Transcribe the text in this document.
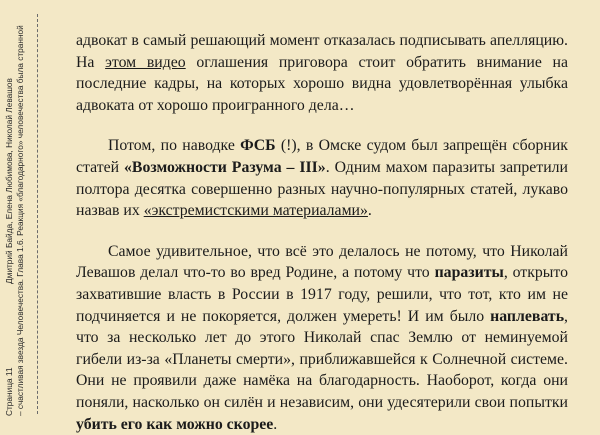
Страница 11
Дмитрий Байда, Елена Любимова, Николай Левашов – счастливая звезда Человечества. Глава 1.6. Реакция «благодарного» человечества была странной	адвокат в самый решающий момент отказалась подписывать апелляцию. На этом видео оглашения приговора стоит обратить внимание на последние кадры, на которых хорошо видна удовлетворённая улыбка адвоката от хорошо проигранного дела…

Потом, по наводке ФСБ (!), в Омске судом был запрещён сборник статей «Возможности Разума – III». Одним махом паразиты запретили полтора десятка совершенно разных научно-популярных статей, лукаво назвав их «экстремистскими материалами».

Самое удивительное, что всё это делалось не потому, что Николай Левашов делал что-то во вред Родине, а потому что паразиты, открыто захватившие власть в России в 1917 году, решили, что тот, кто им не подчиняется и не покоряется, должен умереть! И им было наплевать, что за несколько лет до этого Николай спас Землю от неминуемой гибели из-за «Планеты смерти», приближавшейся к Солнечной системе. Они не проявили даже намёка на благодарность. Наоборот, когда они поняли, насколько он силён и независим, они удесятерили свои попытки убить его как можно скорее.
